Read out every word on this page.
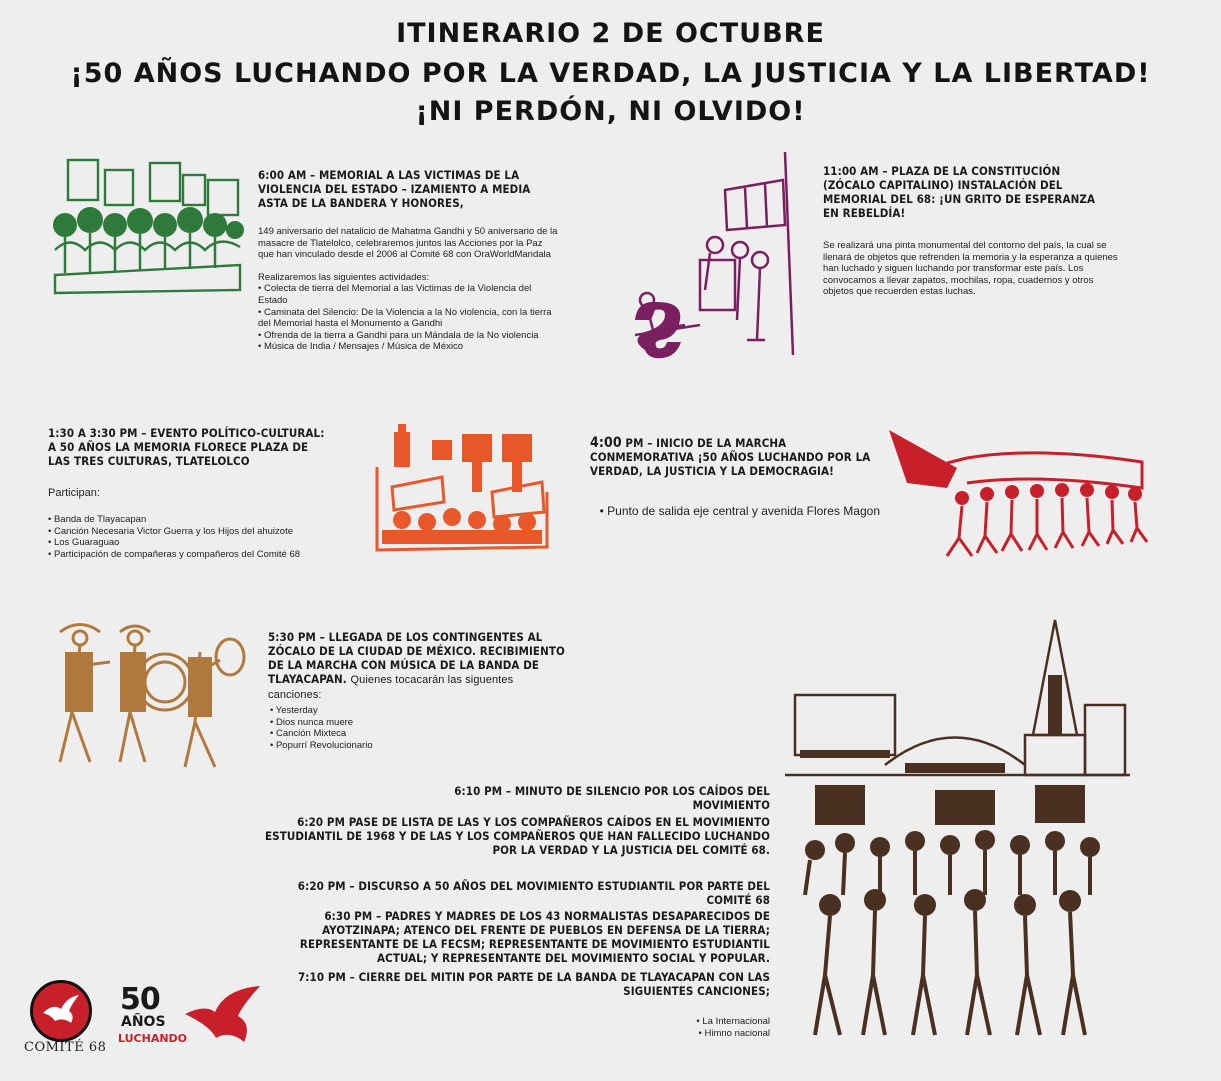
ITINERARIO 2 DE OCTUBRE
¡50 AÑOS LUCHANDO POR LA VERDAD, LA JUSTICIA Y LA LIBERTAD!
¡NI PERDÓN, NI OLVIDO!
6:00 AM – MEMORIAL A LAS VICTIMAS DE LA VIOLENCIA DEL ESTADO – IZAMIENTO A MEDIA ASTA DE LA BANDERA Y HONORES,

149 aniversario del natalicio de Mahatma Gandhi y 50 aniversario de la masacre de Tlatelolco, celebraremos juntos las Acciones por la Paz que han vinculado desde el 2006 al Comité 68 con OraWorldMandala

Realizaremos las siguientes actividades:

• Colecta de tierra del Memorial a las Victimas de la Violencia del Estado
• Caminata del Silencio: De la Violencia a la No violencia, con la tierra del Memorial hasta el Monumento a Gandhi
• Ofrenda de la tierra a Gandhi para un Mándala de la No violencia
• Música de India / Mensajes / Música de México
11:00 AM – PLAZA DE LA CONSTITUCIÓN (ZÓCALO CAPITALINO) INSTALACIÓN DEL MEMORIAL DEL 68: ¡UN GRITO DE ESPERANZA EN REBELDÍA!
Se realizará una pinta monumental del contorno del país, la cual se llenará de objetos que refrenden la memoria y la esperanza a quienes han luchado y siguen luchando por transformar este país. Los convocamos a llevar zapatos, mochilas, ropa, cuadernos y otros objetos que recuerden estas luchas.
1:30 A 3:30 PM – EVENTO POLÍTICO-CULTURAL: A 50 AÑOS LA MEMORIA FLORECE PLAZA DE LAS TRES CULTURAS, TLATELOLCO
Participan:
• Banda de Tlayacapan
• Canción Necesaria Victor Guerra y los Hijos del ahuizote
• Los Guaraguao
• Participación de compañeras y compañeros del Comité 68
4:00 PM – INICIO DE LA MARCHA CONMEMORATIVA ¡50 AÑOS LUCHANDO POR LA VERDAD, LA JUSTICIA Y LA DEMOCRAGIA!
• Punto de salida eje central y avenida Flores Magon
5:30 PM – LLEGADA DE LOS CONTINGENTES AL ZÓCALO DE LA CIUDAD DE MÉXICO. RECIBIMIENTO DE LA MARCHA CON MÚSICA DE LA BANDA DE TLAYACAPAN. Quienes tocacarán las siguentes canciones:
• Yesterday
• Dios nunca muere
• Canción Mixteca
• Popurrí Revolucionario
6:10 PM – MINUTO DE SILENCIO POR LOS CAÍDOS DEL MOVIMIENTO
6:20 PM PASE DE LISTA DE LAS Y LOS COMPAÑEROS CAÍDOS EN EL MOVIMIENTO ESTUDIANTIL DE 1968 Y DE LAS Y LOS COMPAÑEROS QUE HAN FALLECIDO LUCHANDO POR LA VERDAD Y LA JUSTICIA DEL COMITÉ 68.
6:20 PM – DISCURSO A 50 AÑOS DEL MOVIMIENTO ESTUDIANTIL POR PARTE DEL COMITÉ 68
6:30 PM – PADRES Y MADRES DE LOS 43 NORMALISTAS DESAPARECIDOS DE AYOTZINAPA; ATENCO DEL FRENTE DE PUEBLOS EN DEFENSA DE LA TIERRA; REPRESENTANTE DE LA FECSM; REPRESENTANTE DE MOVIMIENTO ESTUDIANTIL ACTUAL; Y REPRESENTANTE DEL MOVIMIENTO SOCIAL Y POPULAR.
7:10 PM – CIERRE DEL MITIN POR PARTE DE LA BANDA DE TLAYACAPAN CON LAS SIGUIENTES CANCIONES;
• La Internacional
• Himno nacional
COMITÉ 68
50
AÑOS
LUCHANDO
